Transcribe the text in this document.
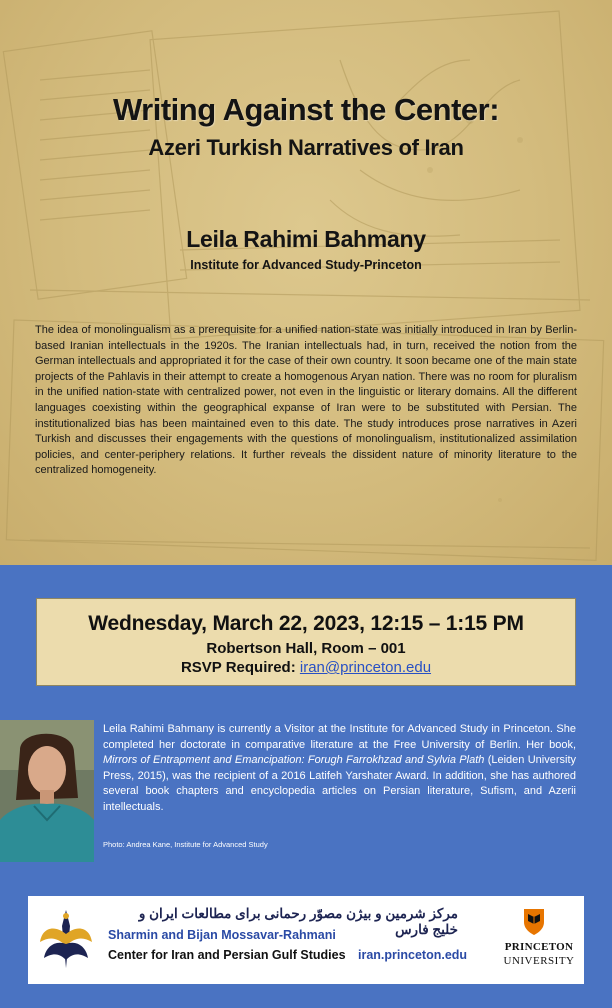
Writing Against the Center:
Azeri Turkish Narratives of Iran
Leila Rahimi Bahmany
Institute for Advanced Study-Princeton
The idea of monolingualism as a prerequisite for a unified nation-state was initially introduced in Iran by Berlin-based Iranian intellectuals in the 1920s. The Iranian intellectuals had, in turn, received the notion from the German intellectuals and appropriated it for the case of their own country. It soon became one of the main state projects of the Pahlavis in their attempt to create a homogenous Aryan nation. There was no room for pluralism in the unified nation-state with centralized power, not even in the linguistic or literary domains. All the different languages coexisting within the geographical expanse of Iran were to be substituted with Persian. The institutionalized bias has been maintained even to this date. The study introduces prose narratives in Azeri Turkish and discusses their engagements with the questions of monolingualism, institutionalized assimilation policies, and center-periphery relations. It further reveals the dissident nature of minority literature to the centralized homogeneity.
Wednesday, March 22, 2023, 12:15 – 1:15 PM
Robertson Hall, Room – 001
RSVP Required: iran@princeton.edu
Leila Rahimi Bahmany is currently a Visitor at the Institute for Advanced Study in Princeton. She completed her doctorate in comparative literature at the Free University of Berlin. Her book, Mirrors of Entrapment and Emancipation: Forugh Farrokhzad and Sylvia Plath (Leiden University Press, 2015), was the recipient of a 2016 Latifeh Yarshater Award. In addition, she has authored several book chapters and encyclopedia articles on Persian literature, Sufism, and Azerii intellectuals.
Photo: Andrea Kane, Institute for Advanced Study
مرکز شرمین و بیژن مصوّر رحمانی برای مطالعات ایران و خلیج فارس
Sharmin and Bijan Mossavar-Rahmani
Center for Iran and Persian Gulf Studies iran.princeton.edu
PRINCETON
UNIVERSITY
